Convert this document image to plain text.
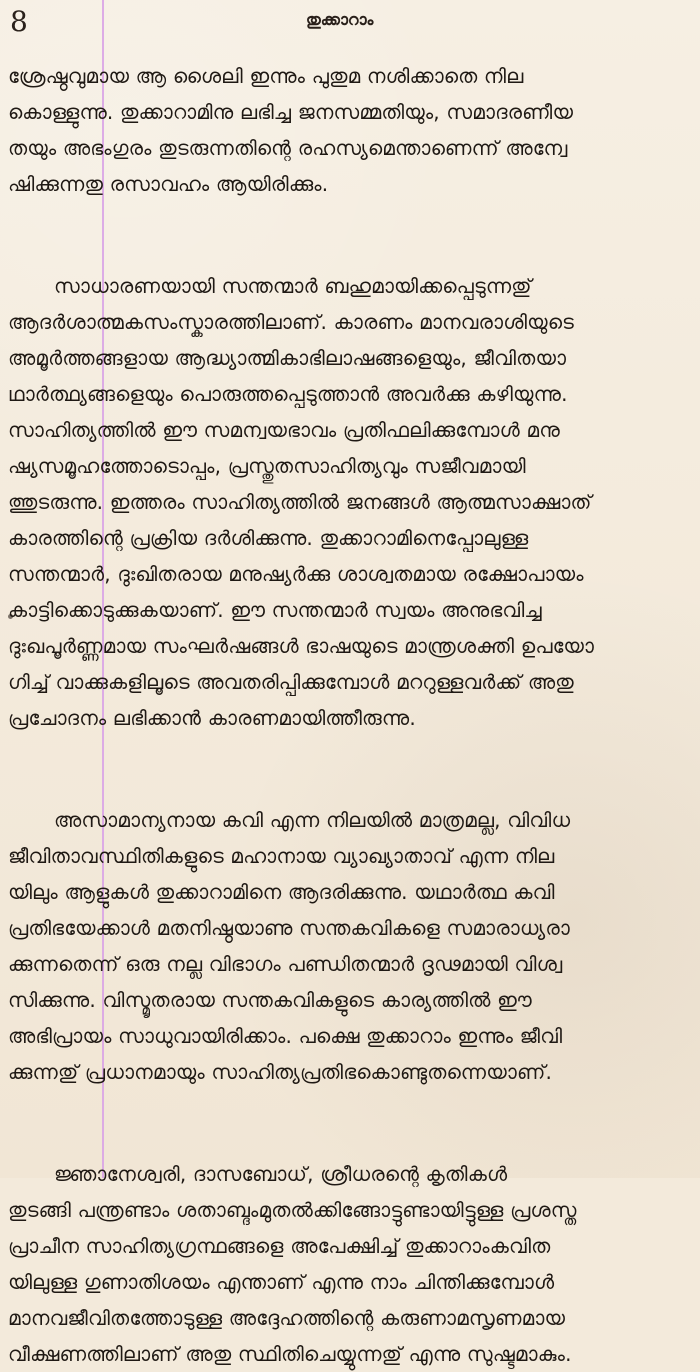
8	തുക്കാറാം
ശ്രേഷ്ഠവുമായ ആ ശൈലി ഇന്നും പുതുമ നശിക്കാതെ നില
കൊള്ളുന്നു. തുക്കാറാമിനു ലഭിച്ച ജനസമ്മതിയും, സമാദരണീയ
തയും അഭംഗുരം തുടരുന്നതിന്റെ രഹസ്യമെന്താണെന്ന് അന്വേ
ഷിക്കുന്നതു രസാവഹം ആയിരിക്കും.
സാധാരണയായി സന്തന്മാർ ബഹുമായിക്കപ്പെടുന്നതു്
ആദർശാത്മകസംസ്കാരത്തിലാണ്. കാരണം മാനവരാശിയുടെ
അമൂർത്തങ്ങളായ ആദ്ധ്യാത്മികാഭിലാഷങ്ങളെയും, ജീവിതയാ
ഥാർത്ഥ്യങ്ങളെയും പൊരുത്തപ്പെടുത്താൻ അവർക്കു കഴിയുന്നു.
സാഹിത്യത്തിൽ ഈ സമന്വയഭാവം പ്രതിഫലിക്കുമ്പോൾ മനു
ഷ്യസമൂഹത്തോടൊപ്പം, പ്രസ്തുതസാഹിത്യവും സജീവമായി
ത്തുടരുന്നു. ഇത്തരം സാഹിത്യത്തിൽ ജനങ്ങൾ ആത്മസാക്ഷാത്
കാരത്തിന്റെ പ്രക്രിയ ദർശിക്കുന്നു. തുക്കാറാമിനെപ്പോലുള്ള
സന്തന്മാർ, ദുഃഖിതരായ മനുഷ്യർക്കു ശാശ്വതമായ രക്ഷോപായം
കാട്ടിക്കൊടുക്കുകയാണ്. ഈ സന്തന്മാർ സ്വയം അനുഭവിച്ച
ദുഃഖപൂർണ്ണമായ സംഘർഷങ്ങൾ ഭാഷയുടെ മാന്ത്രശക്തി ഉപയോ
ഗിച്ച് വാക്കുകളിലൂടെ അവതരിപ്പിക്കുമ്പോൾ മററുള്ളവർക്ക് അതു
പ്രചോദനം ലഭിക്കാൻ കാരണമായിത്തീരുന്നു.
അസാമാന്യനായ കവി എന്ന നിലയിൽ മാത്രമല്ല, വിവിധ
ജീവിതാവസ്ഥിതികളുടെ മഹാനായ വ്യാഖ്യാതാവ് എന്ന നില
യിലും ആളുകൾ തുക്കാറാമിനെ ആദരിക്കുന്നു. യഥാർത്ഥ കവി
പ്രതിഭയേക്കാൾ മതനിഷ്ഠയാണു സന്തകവികളെ സമാരാധ്യരാ
ക്കുന്നതെന്ന് ഒരു നല്ല വിഭാഗം പണ്ഡിതന്മാർ ദൃഢമായി വിശ്വ
സിക്കുന്നു. വിസ്മൃതരായ സന്തകവികളുടെ കാര്യത്തിൽ ഈ
അഭിപ്രായം സാധുവായിരിക്കാം. പക്ഷെ തുക്കാറാം ഇന്നും ജീവി
ക്കുന്നതു് പ്രധാനമായും സാഹിത്യപ്രതിഭകൊണ്ടുതന്നെയാണ്.
ജ്ഞാനേശ്വരി, ദാസബോധ്, ശ്രീധരന്റെ കൃതികൾ
തുടങ്ങി പന്ത്രണ്ടാം ശതാബ്ദംമുതൽക്കിങ്ങോട്ടുണ്ടായിട്ടുള്ള പ്രശസ്ത
പ്രാചീന സാഹിത്യഗ്രന്ഥങ്ങളെ അപേക്ഷിച്ച് തുക്കാറാംകവിത
യിലുള്ള ഗുണാതിശയം എന്താണ് എന്നു നാം ചിന്തിക്കുമ്പോൾ
മാനവജീവിതത്തോടുള്ള അദ്ദേഹത്തിന്റെ കരുണാമസൃണമായ
വീക്ഷണത്തിലാണ് അതു സ്ഥിതിചെയ്യുന്നതു് എന്നു സുഷ്ടമാകും.
